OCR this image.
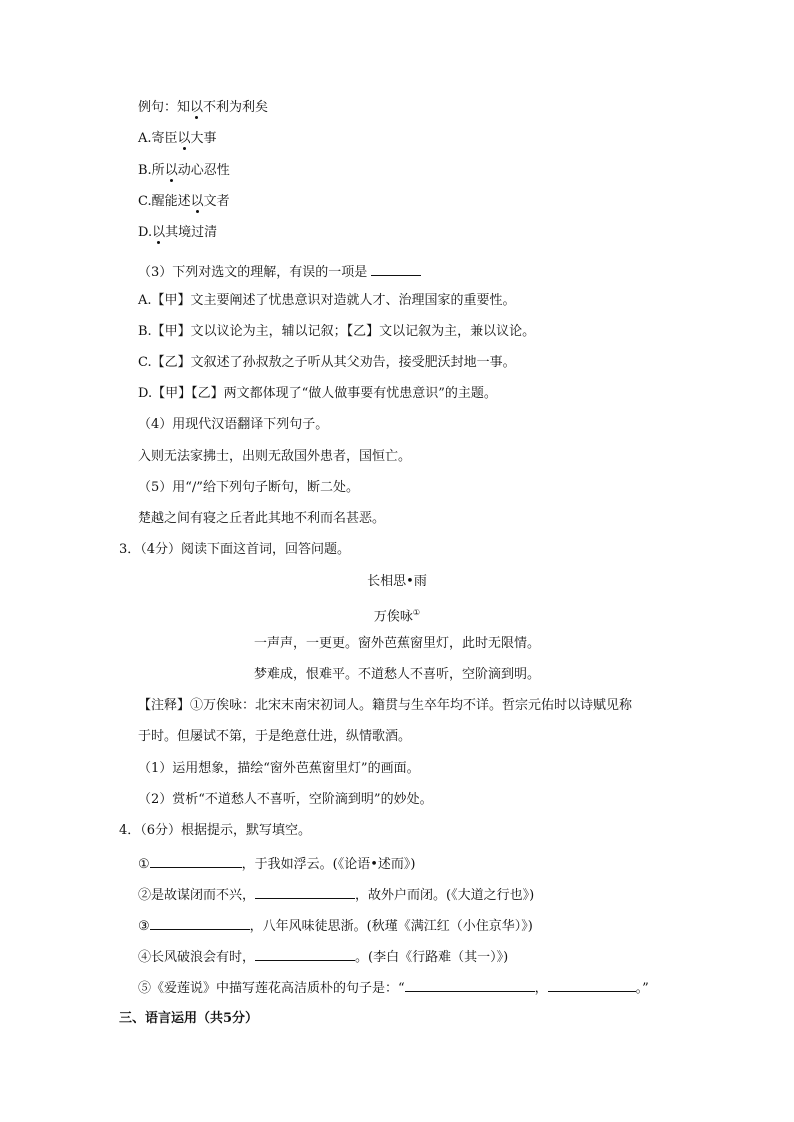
例句：知以不利为利矣
A.寄臣以大事
B.所以动心忍性
C.醒能述以文者
D.以其境过清
（3）下列对选文的理解，有误的一项是
A.【甲】文主要阐述了忧患意识对造就人才、治理国家的重要性。
B.【甲】文以议论为主，辅以记叙；【乙】文以记叙为主，兼以议论。
C.【乙】文叙述了孙叔敖之子听从其父劝告，接受肥沃封地一事。
D.【甲】【乙】两文都体现了“做人做事要有忧患意识”的主题。
（4）用现代汉语翻译下列句子。
入则无法家拂士，出则无敌国外患者，国恒亡。
（5）用“/”给下列句子断句，断二处。
楚越之间有寝之丘者此其地不利而名甚恶。
3．（4分）阅读下面这首词，回答问题。
长相思•雨
万俟咏①
一声声，一更更。窗外芭蕉窗里灯，此时无限情。
梦难成，恨难平。不道愁人不喜听，空阶滴到明。
【注释】①万俟咏：北宋末南宋初词人。籍贯与生卒年均不详。哲宗元佑时以诗赋见称
于时。但屡试不第，于是绝意仕进，纵情歌酒。
（1）运用想象，描绘“窗外芭蕉窗里灯”的画面。
（2）赏析“不道愁人不喜听，空阶滴到明”的妙处。
4．（6分）根据提示，默写填空。
①	，于我如浮云。(《论语•述而》)
②是故谋闭而不兴，	，故外户而闭。(《大道之行也》)
③	，八年风味徒思浙。(秋瑾《满江红（小住京华）》)
④长风破浪会有时，	。(李白《行路难（其一）》)
⑤《爱莲说》中描写莲花高洁质朴的句子是：“	，	。”
三、语言运用（共5分）
